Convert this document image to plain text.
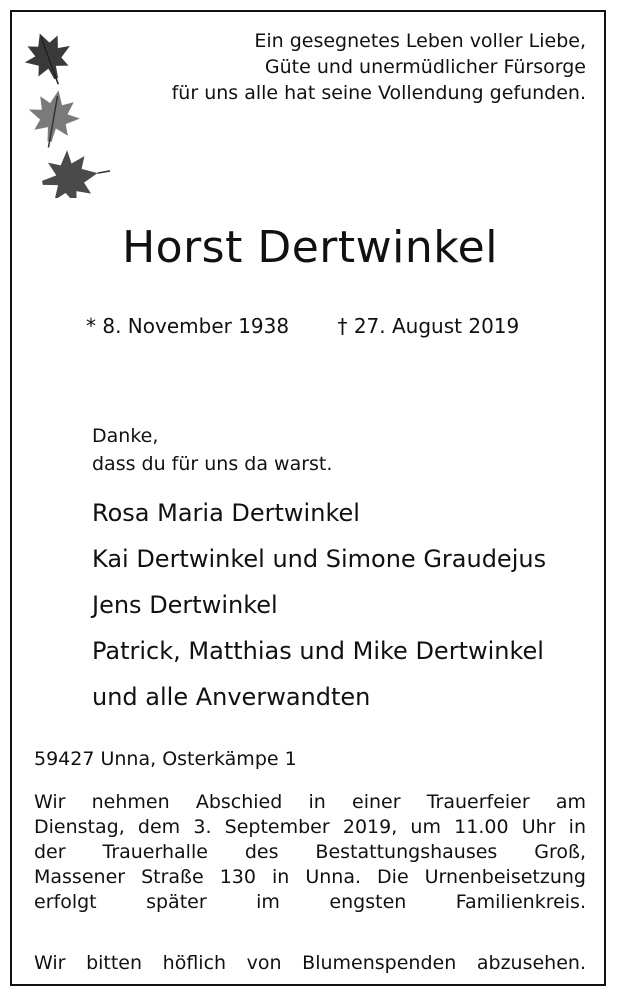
Ein gesegnetes Leben voller Liebe,
Güte und unermüdlicher Fürsorge
für uns alle hat seine Vollendung gefunden.
Horst Dertwinkel
* 8. November 1938 † 27. August 2019
Danke,
dass du für uns da warst.
Rosa Maria Dertwinkel
Kai Dertwinkel und Simone Graudejus
Jens Dertwinkel
Patrick, Matthias und Mike Dertwinkel
und alle Anverwandten
59427 Unna, Osterkämpe 1
Wir nehmen Abschied in einer Trauerfeier am
Dienstag, dem 3. September 2019, um 11.00 Uhr in
der Trauerhalle des Bestattungshauses Groß,
Massener Straße 130 in Unna. Die Urnenbeisetzung
erfolgt später im engsten Familienkreis.
Wir bitten höflich von Blumenspenden abzusehen.
